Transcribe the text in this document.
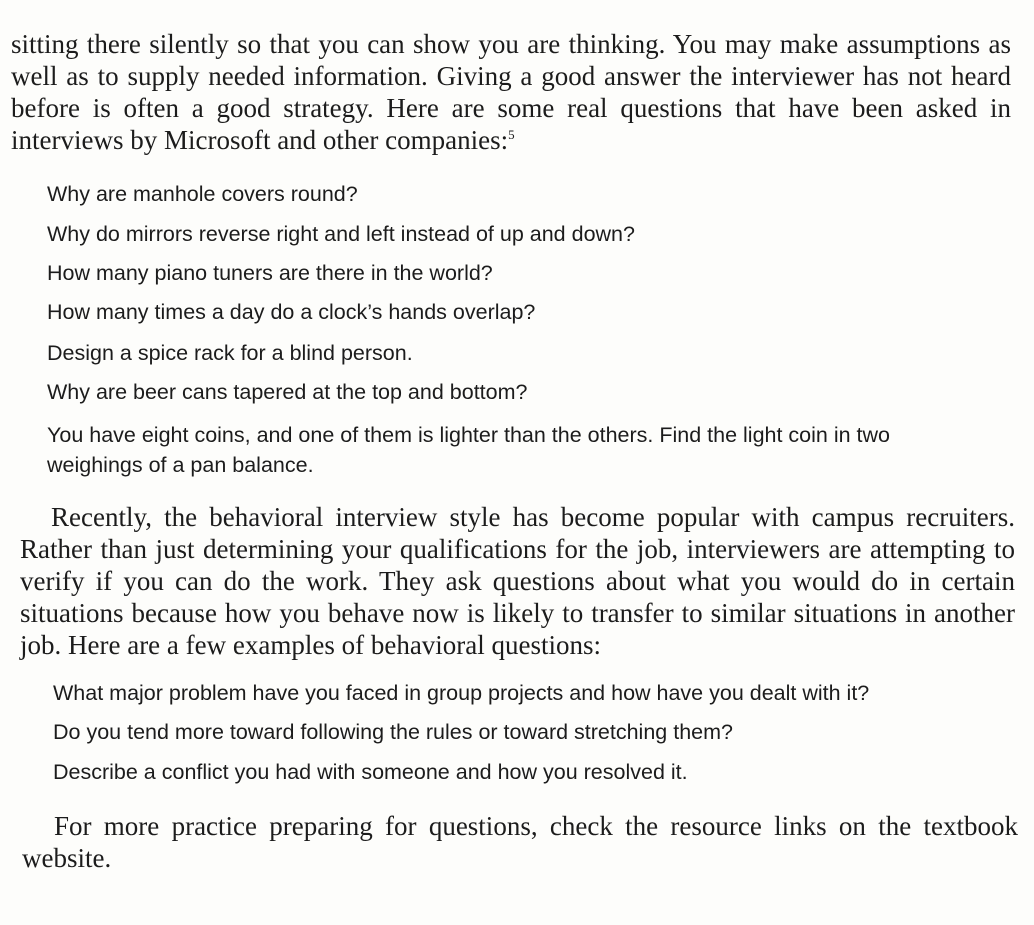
sitting there silently so that you can show you are thinking. You may make assumptions as well as to supply needed information. Giving a good answer the interviewer has not heard before is often a good strategy. Here are some real questions that have been asked in interviews by Microsoft and other companies:$^5$

Why are manhole covers round?

Why do mirrors reverse right and left instead of up and down?

How many piano tuners are there in the world?

How many times a day do a clock’s hands overlap?

Design a spice rack for a blind person.

Why are beer cans tapered at the top and bottom?

You have eight coins, and one of them is lighter than the others. Find the light coin in two weighings of a pan balance.

Recently, the behavioral interview style has become popular with campus recruiters. Rather than just determining your qualifications for the job, interviewers are attempting to verify if you can do the work. They ask questions about what you would do in certain situations because how you behave now is likely to transfer to similar situations in another job. Here are a few examples of behavioral questions:

What major problem have you faced in group projects and how have you dealt with it?

Do you tend more toward following the rules or toward stretching them?

Describe a conflict you had with someone and how you resolved it.

For more practice preparing for questions, check the resource links on the textbook website.
